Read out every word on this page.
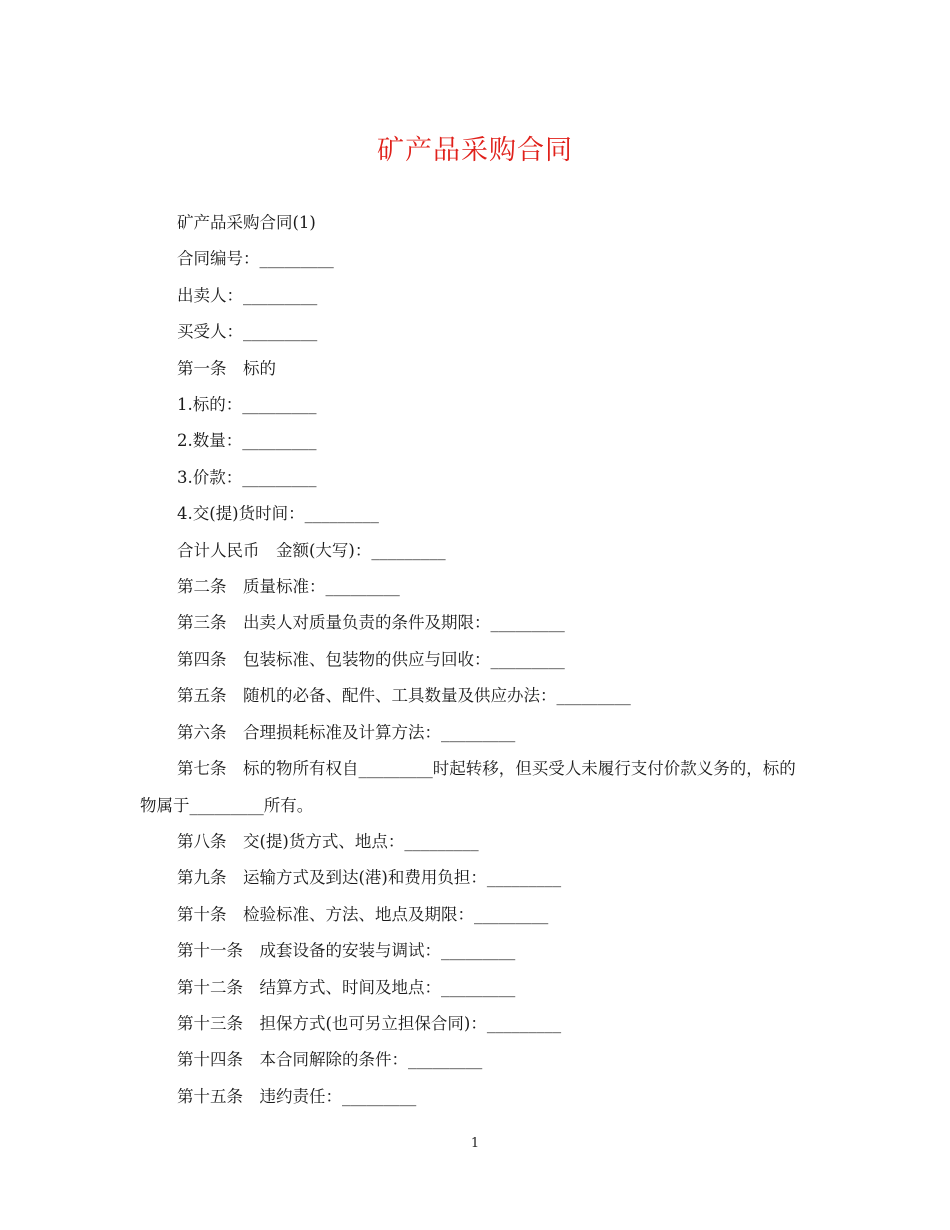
矿产品采购合同

矿产品采购合同(1)

合同编号：_________

出卖人：_________

买受人：_________

第一条　标的

1.标的：_________

2.数量：_________

3.价款：_________

4.交(提)货时间：_________

合计人民币　金额(大写)：_________

第二条　质量标准：_________

第三条　出卖人对质量负责的条件及期限：_________

第四条　包装标准、包装物的供应与回收：_________

第五条　随机的必备、配件、工具数量及供应办法：_________

第六条　合理损耗标准及计算方法：_________

第七条　标的物所有权自_________时起转移，但买受人未履行支付价款义务的，标的物属于_________所有。

第八条　交(提)货方式、地点：_________

第九条　运输方式及到达(港)和费用负担：_________

第十条　检验标准、方法、地点及期限：_________

第十一条　成套设备的安装与调试：_________

第十二条　结算方式、时间及地点：_________

第十三条　担保方式(也可另立担保合同)：_________

第十四条　本合同解除的条件：_________

第十五条　违约责任：_________

1
